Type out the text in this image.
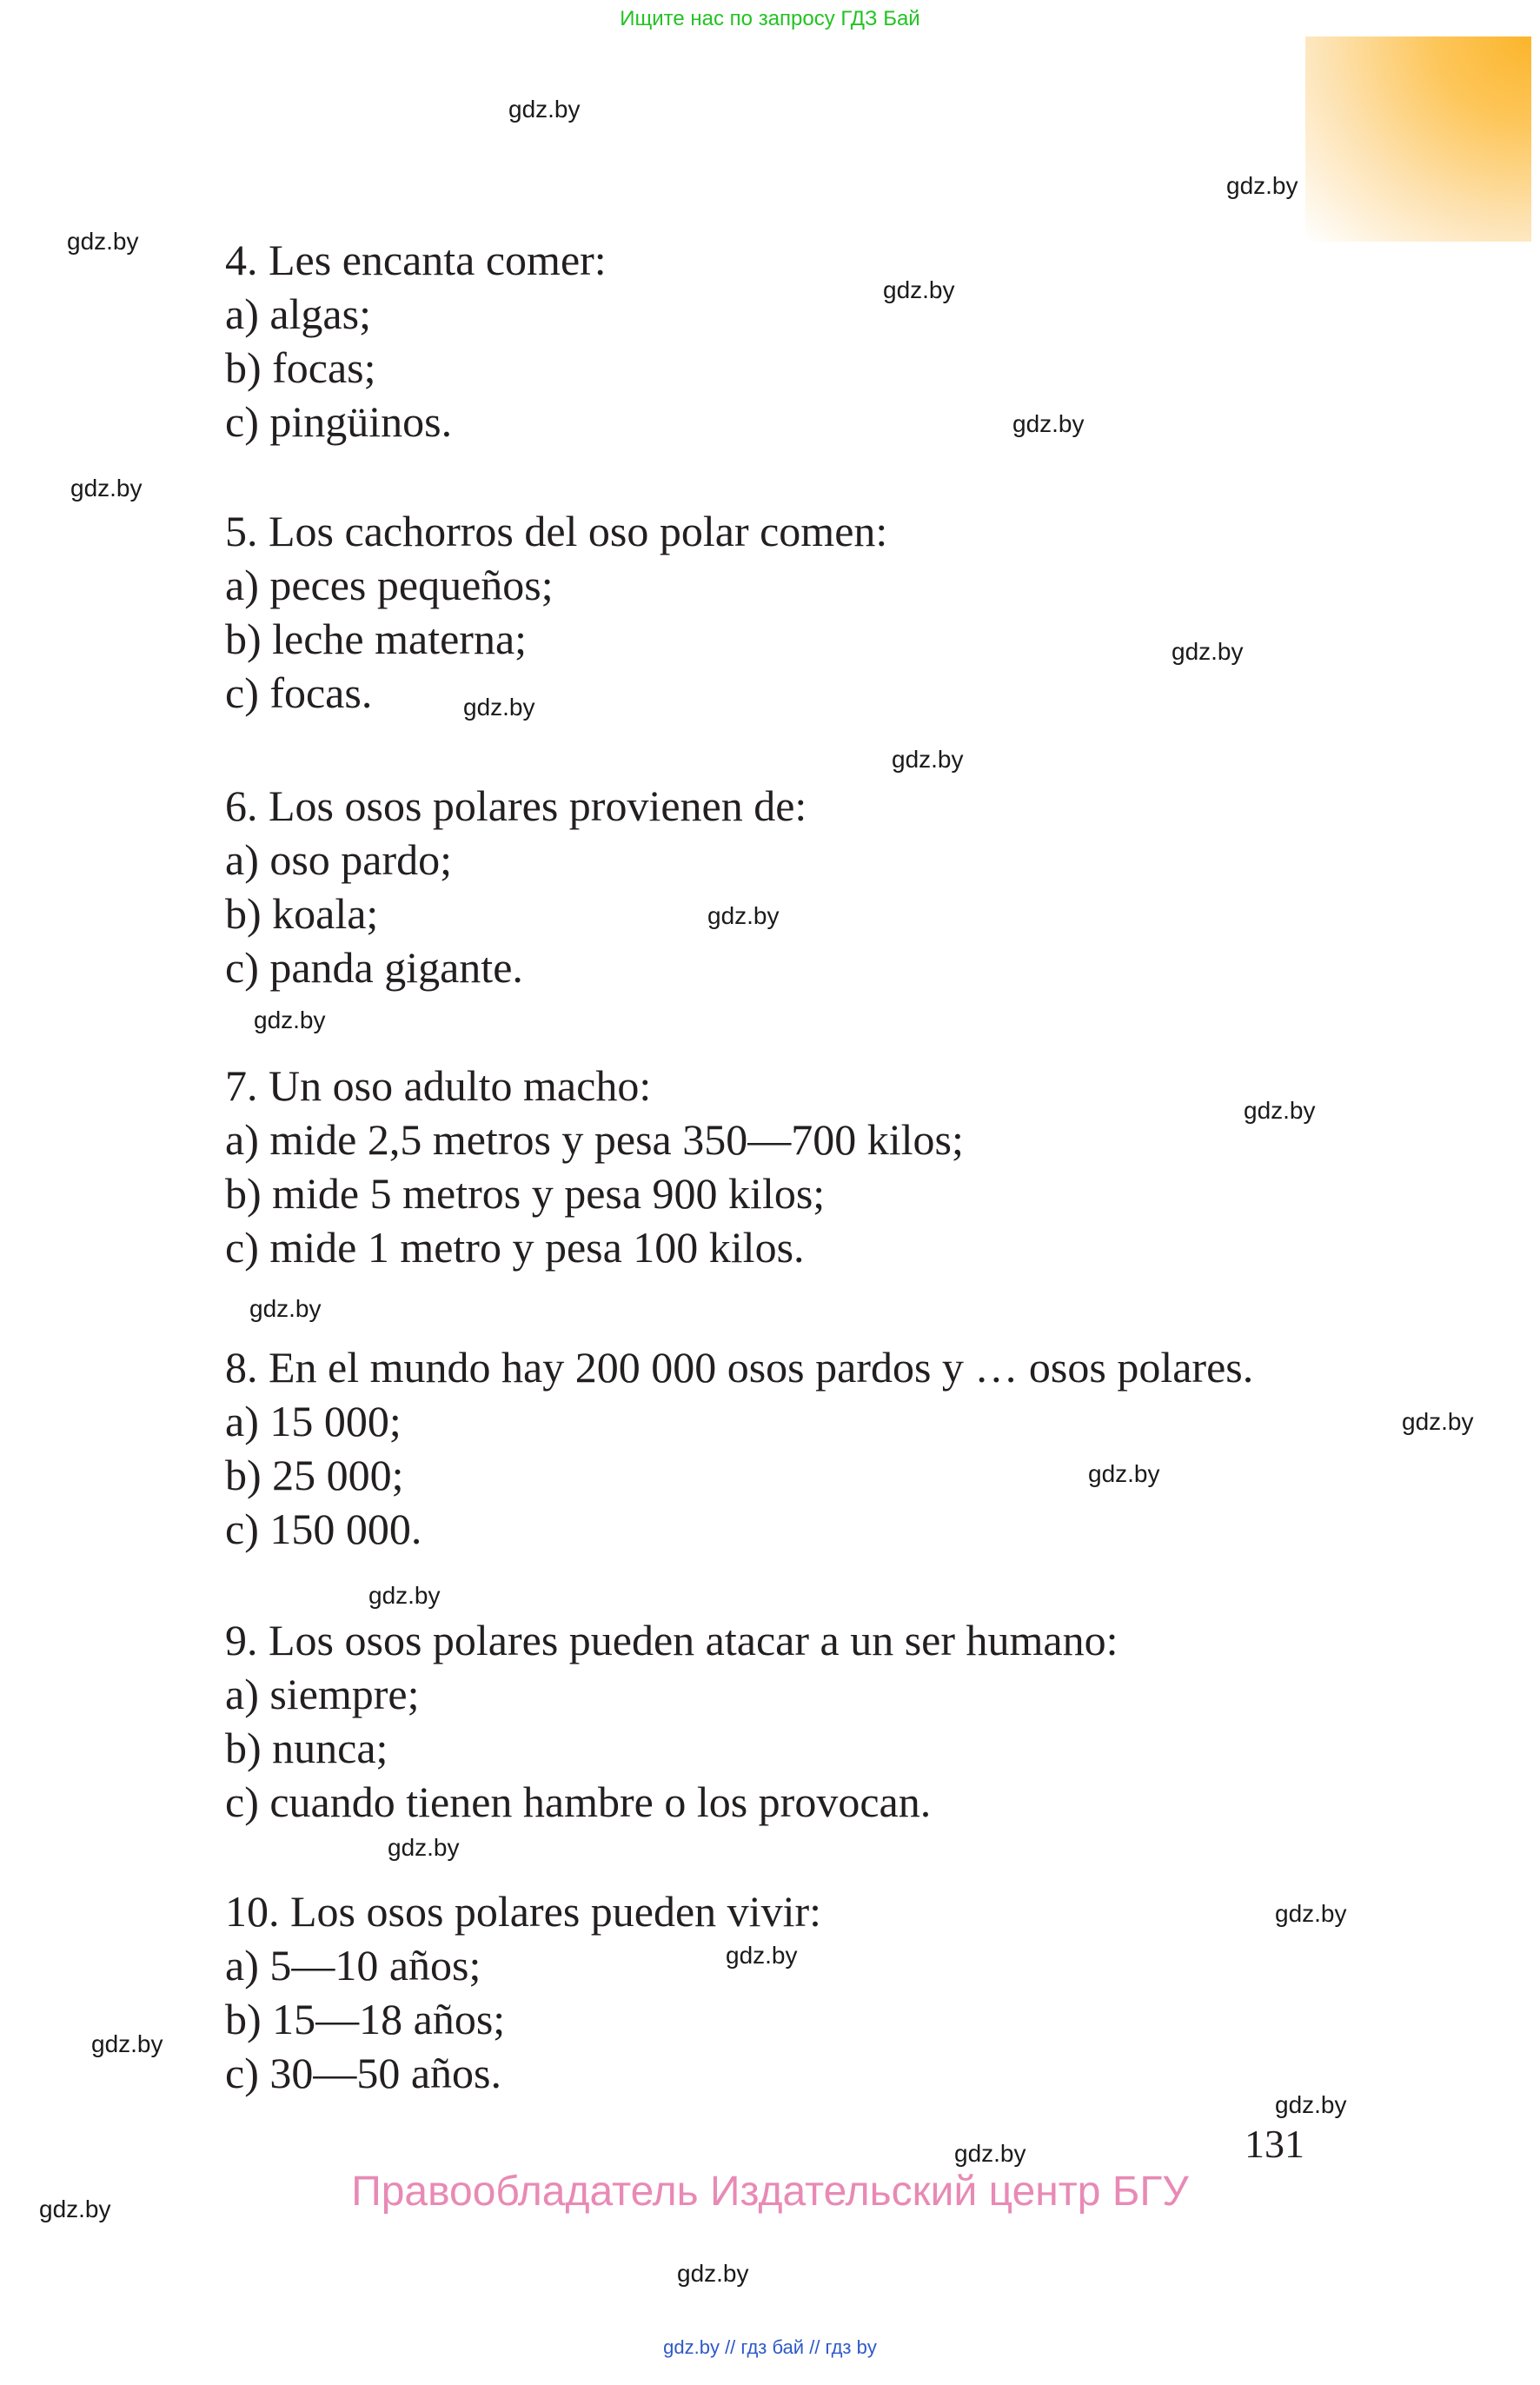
Ищите нас по запросу ГДЗ Бай
gdz.by
gdz.by
gdz.by
gdz.by
gdz.by
gdz.by
gdz.by
gdz.by
gdz.by
gdz.by
gdz.by
gdz.by
gdz.by
gdz.by
gdz.by
gdz.by
gdz.by
gdz.by
gdz.by
gdz.by
gdz.by
gdz.by
gdz.by
gdz.by
4. Les encanta comer:
a) algas;
b) focas;
c) pingüinos.
5. Los cachorros del oso polar comen:
a) peces pequeños;
b) leche materna;
c) focas.
6. Los osos polares provienen de:
a) oso pardo;
b) koala;
c) panda gigante.
7. Un oso adulto macho:
a) mide 2,5 metros y pesa 350—700 kilos;
b) mide 5 metros y pesa 900 kilos;
c) mide 1 metro y pesa 100 kilos.
8. En el mundo hay 200 000 osos pardos y … osos polares.
a) 15 000;
b) 25 000;
c) 150 000.
9. Los osos polares pueden atacar a un ser humano:
a) siempre;
b) nunca;
c) cuando tienen hambre o los provocan.
10. Los osos polares pueden vivir:
a) 5—10 años;
b) 15—18 años;
c) 30—50 años.
131
Правообладатель Издательский центр БГУ
gdz.by // гдз бай // гдз by
